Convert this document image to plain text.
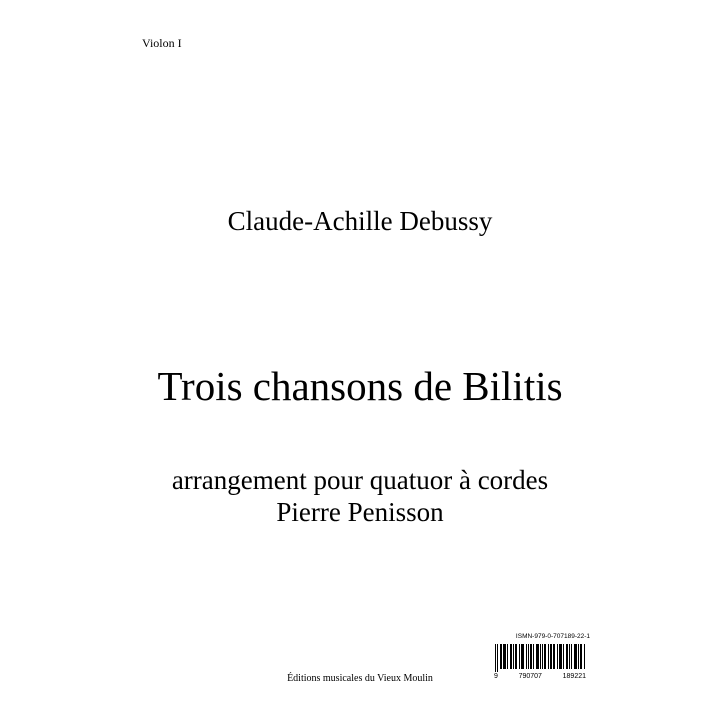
Violon I
Claude-Achille Debussy
Trois chansons de Bilitis
arrangement pour quatuor à cordes
Pierre Penisson
ISMN-979-0-707189-22-1
9	790707	189221
Éditions musicales du Vieux Moulin
